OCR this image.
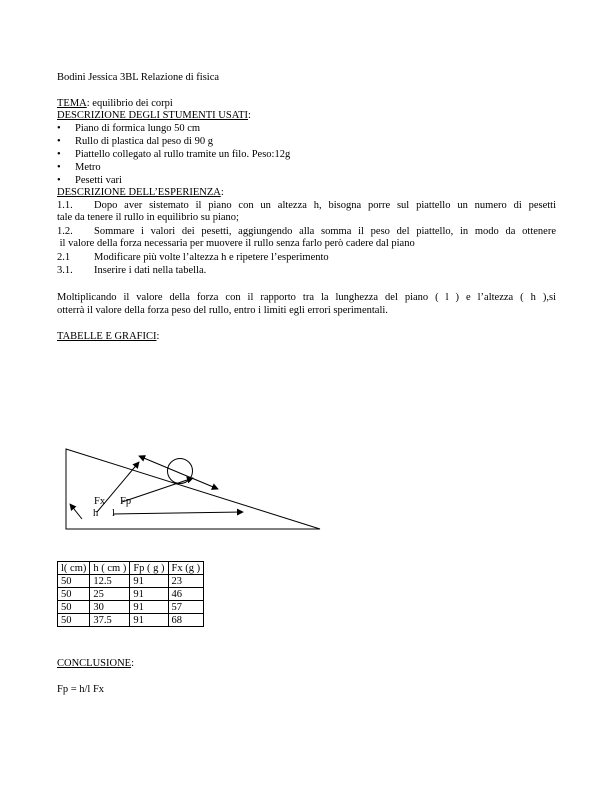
Bodini Jessica 3BL Relazione di fisica
TEMA: equilibrio dei corpi
DESCRIZIONE DEGLI STUMENTI USATI:
• Piano di formica lungo 50 cm
• Rullo di plastica dal peso di 90 g
• Piattello collegato al rullo tramite un filo. Peso:12g
• Metro
• Pesetti vari
DESCRIZIONE DELL’ESPERIENZA:
1.1. Dopo aver sistemato il piano con un altezza h, bisogna porre sul piattello un numero di pesetti
tale da tenere il rullo in equilibrio su piano;
1.2. Sommare i valori dei pesetti, aggiungendo alla somma il peso del piattello, in modo da ottenere
il valore della forza necessaria per muovere il rullo senza farlo però cadere dal piano
2.1 Modificare più volte l’altezza h e ripetere l’esperimento
3.1. Inserire i dati nella tabella.
Moltiplicando il valore della forza con il rapporto tra la lunghezza del piano ( l ) e l’altezza ( h ),si
otterrà il valore della forza peso del rullo, entro i limiti egli errori sperimentali.
TABELLE E GRAFICI:
Fx Fp
h l
l( cm)	h ( cm )	Fp ( g )	Fx (g )
50	12.5	91	23
50	25	91	46
50	30	91	57
50	37.5	91	68
CONCLUSIONE:
Fp = h/l Fx
